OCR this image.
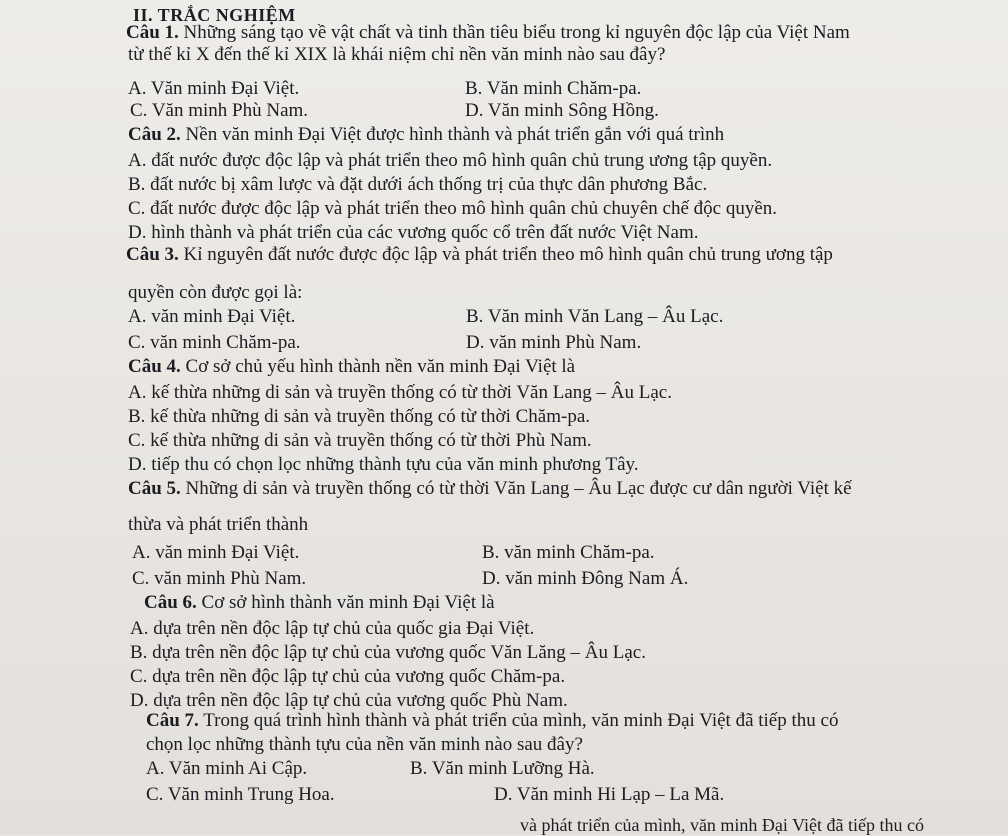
II. TRẮC NGHIỆM
Câu 1. Những sáng tạo về vật chất và tinh thần tiêu biểu trong kỉ nguyên độc lập của Việt Nam
từ thế kỉ X đến thế kỉ XIX là khái niệm chỉ nền văn minh nào sau đây?
A. Văn minh Đại Việt.	B. Văn minh Chăm-pa.
C. Văn minh Phù Nam.	D. Văn minh Sông Hồng.
Câu 2. Nền văn minh Đại Việt được hình thành và phát triển gắn với quá trình
A. đất nước được độc lập và phát triển theo mô hình quân chủ trung ương tập quyền.
B. đất nước bị xâm lược và đặt dưới ách thống trị của thực dân phương Bắc.
C. đất nước được độc lập và phát triển theo mô hình quân chủ chuyên chế độc quyền.
D. hình thành và phát triển của các vương quốc cổ trên đất nước Việt Nam.
Câu 3. Kỉ nguyên đất nước được độc lập và phát triển theo mô hình quân chủ trung ương tập
quyền còn được gọi là:
A. văn minh Đại Việt.	B. Văn minh Văn Lang – Âu Lạc.
C. văn minh Chăm-pa.	D. văn minh Phù Nam.
Câu 4. Cơ sở chủ yếu hình thành nền văn minh Đại Việt là
A. kế thừa những di sản và truyền thống có từ thời Văn Lang – Âu Lạc.
B. kế thừa những di sản và truyền thống có từ thời Chăm-pa.
C. kế thừa những di sản và truyền thống có từ thời Phù Nam.
D. tiếp thu có chọn lọc những thành tựu của văn minh phương Tây.
Câu 5. Những di sản và truyền thống có từ thời Văn Lang – Âu Lạc được cư dân người Việt kế
thừa và phát triển thành
A. văn minh Đại Việt.	B. văn minh Chăm-pa.
C. văn minh Phù Nam.	D. văn minh Đông Nam Á.
Câu 6. Cơ sở hình thành văn minh Đại Việt là
A. dựa trên nền độc lập tự chủ của quốc gia Đại Việt.
B. dựa trên nền độc lập tự chủ của vương quốc Văn Lăng – Âu Lạc.
C. dựa trên nền độc lập tự chủ của vương quốc Chăm-pa.
D. dựa trên nền độc lập tự chủ của vương quốc Phù Nam.
Câu 7. Trong quá trình hình thành và phát triển của mình, văn minh Đại Việt đã tiếp thu có
chọn lọc những thành tựu của nền văn minh nào sau đây?
A. Văn minh Ai Cập.	B. Văn minh Lưỡng Hà.
C. Văn minh Trung Hoa.	D. Văn minh Hi Lạp – La Mã.
và phát triển của mình, văn minh Đại Việt đã tiếp thu có
